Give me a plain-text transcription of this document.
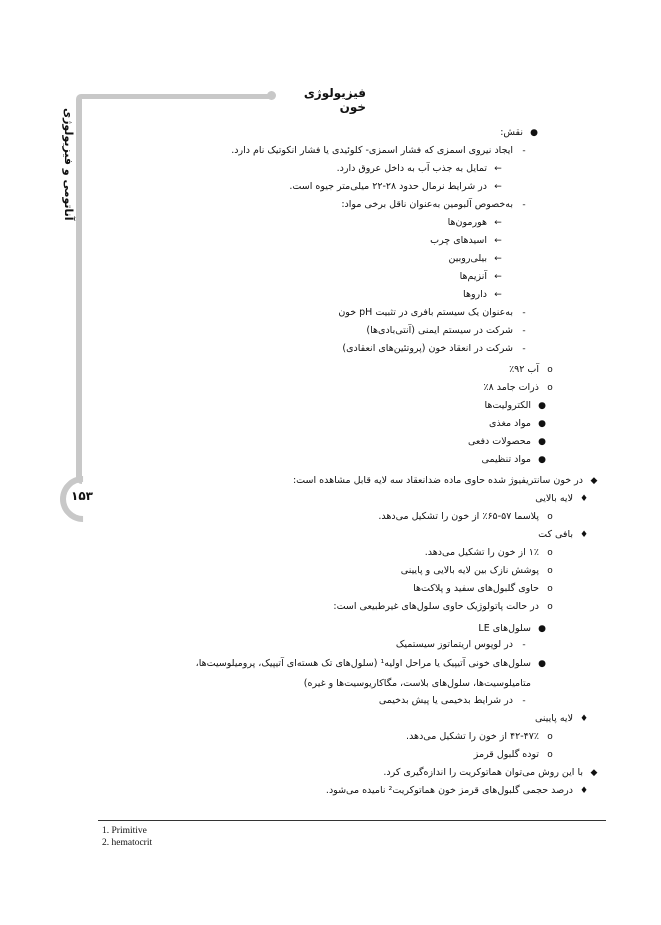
فیزیولوژی خون
آناتومی و فیزیولوژی
۱۵۳
●نقش:
-ایجاد نیروی اسمزی که فشار اسمزی- کلوئیدی یا فشار انکوتیک نام دارد.
←تمایل به جذب آب به داخل عروق دارد.
←در شرایط نرمال حدود ۲۸-۲۲ میلی‌متر جیوه است.
-به‌خصوص آلبومین به‌عنوان ناقل برخی مواد:
←هورمون‌ها
←اسیدهای چرب
←بیلی‌روبین
←آنزیم‌ها
←داروها
-به‌عنوان یک سیستم بافری در تثبیت pH خون
-شرکت در سیستم ایمنی (آنتی‌بادی‌ها)
-شرکت در انعقاد خون (پروتئین‌های انعقادی)
oآب ۹۲٪
oذرات جامد ۸٪
●الکترولیت‌ها
●مواد مغذی
●محصولات دفعی
●مواد تنظیمی
◆در خون سانتریفیوژ شده حاوی ماده ضدانعقاد سه لایه قابل مشاهده است:
♦لایه بالایی
oپلاسما ۵۷-۶۵٪ از خون را تشکیل می‌دهد.
♦بافی کت
o۱٪ از خون را تشکیل می‌دهد.
oپوشش نازک بین لایه بالایی و پایینی
oحاوی گلبول‌های سفید و پلاکت‌ها
oدر حالت پاتولوژیک حاوی سلول‌های غیرطبیعی است:
●سلول‌های LE
-در لوپوس اریتماتوز سیستمیک
●سلول‌های خونی آتیپیک یا مراحل اولیه¹ (سلول‌های تک هسته‌ای آتیپیک، پرومیلوسیت‌ها،
متامیلوسیت‌ها، سلول‌های بلاست، مگاکاریوسیت‌ها و غیره)
-در شرایط بدخیمی یا پیش بدخیمی
♦لایه پایینی
o۴۲-۴۷٪ از خون را تشکیل می‌دهد.
oتوده گلبول قرمز
◆با این روش می‌توان هماتوکریت را اندازه‌گیری کرد.
♦درصد حجمی گلبول‌های قرمز خون هماتوکریت² نامیده می‌شود.
1. Primitive
2. hematocrit
